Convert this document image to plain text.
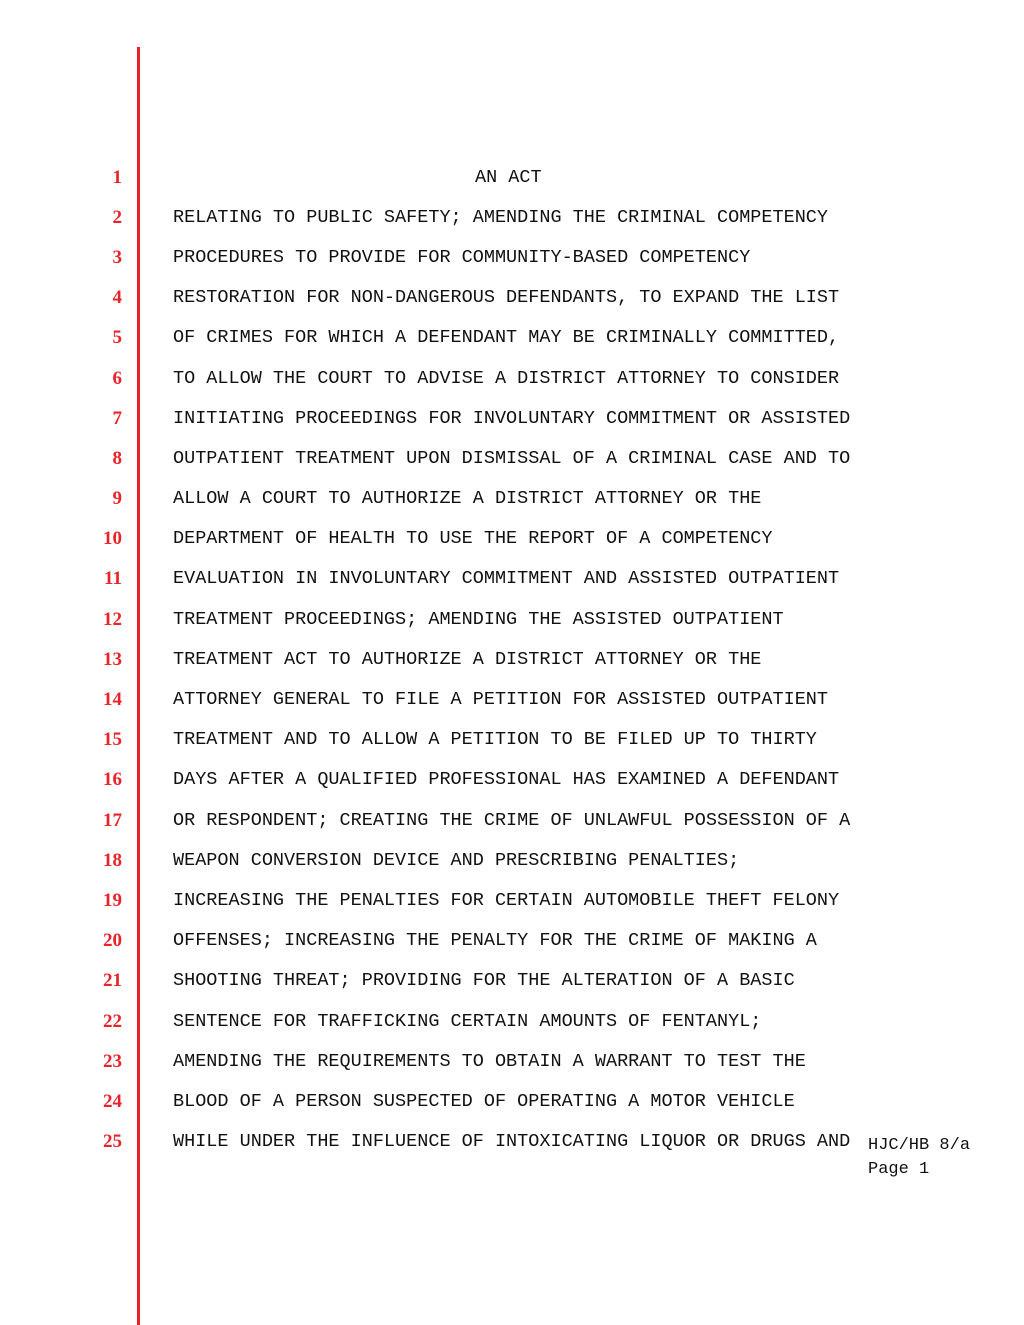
1
2
3
4
5
6
7
8
9
10
11
12
13
14
15
16
17
18
19
20
21
22
23
24
25
AN ACT
RELATING TO PUBLIC SAFETY; AMENDING THE CRIMINAL COMPETENCY
PROCEDURES TO PROVIDE FOR COMMUNITY-BASED COMPETENCY
RESTORATION FOR NON-DANGEROUS DEFENDANTS, TO EXPAND THE LIST
OF CRIMES FOR WHICH A DEFENDANT MAY BE CRIMINALLY COMMITTED,
TO ALLOW THE COURT TO ADVISE A DISTRICT ATTORNEY TO CONSIDER
INITIATING PROCEEDINGS FOR INVOLUNTARY COMMITMENT OR ASSISTED
OUTPATIENT TREATMENT UPON DISMISSAL OF A CRIMINAL CASE AND TO
ALLOW A COURT TO AUTHORIZE A DISTRICT ATTORNEY OR THE
DEPARTMENT OF HEALTH TO USE THE REPORT OF A COMPETENCY
EVALUATION IN INVOLUNTARY COMMITMENT AND ASSISTED OUTPATIENT
TREATMENT PROCEEDINGS; AMENDING THE ASSISTED OUTPATIENT
TREATMENT ACT TO AUTHORIZE A DISTRICT ATTORNEY OR THE
ATTORNEY GENERAL TO FILE A PETITION FOR ASSISTED OUTPATIENT
TREATMENT AND TO ALLOW A PETITION TO BE FILED UP TO THIRTY
DAYS AFTER A QUALIFIED PROFESSIONAL HAS EXAMINED A DEFENDANT
OR RESPONDENT; CREATING THE CRIME OF UNLAWFUL POSSESSION OF A
WEAPON CONVERSION DEVICE AND PRESCRIBING PENALTIES;
INCREASING THE PENALTIES FOR CERTAIN AUTOMOBILE THEFT FELONY
OFFENSES; INCREASING THE PENALTY FOR THE CRIME OF MAKING A
SHOOTING THREAT; PROVIDING FOR THE ALTERATION OF A BASIC
SENTENCE FOR TRAFFICKING CERTAIN AMOUNTS OF FENTANYL;
AMENDING THE REQUIREMENTS TO OBTAIN A WARRANT TO TEST THE
BLOOD OF A PERSON SUSPECTED OF OPERATING A MOTOR VEHICLE
WHILE UNDER THE INFLUENCE OF INTOXICATING LIQUOR OR DRUGS AND HJC/HB 8/a
Page 1
